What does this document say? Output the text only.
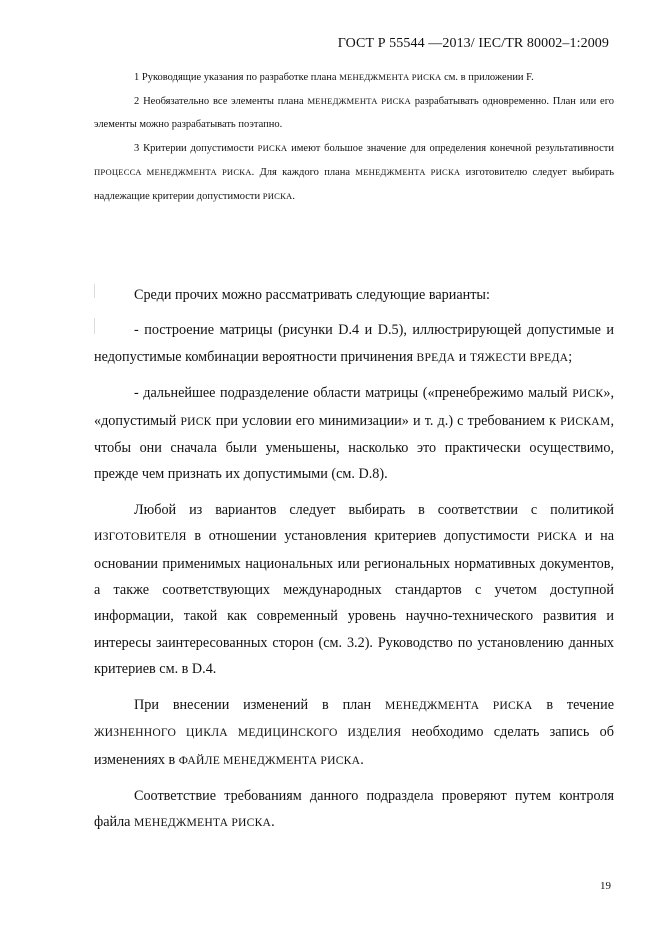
ГОСТ Р 55544 —2013/ IEC/TR 80002–1:2009

1 Руководящие указания по разработке плана МЕНЕДЖМЕНТА РИСКА см. в приложении F.

2 Необязательно все элементы плана МЕНЕДЖМЕНТА РИСКА разрабатывать одновременно. План или его элементы можно разрабатывать поэтапно.

3 Критерии допустимости РИСКА имеют большое значение для определения конечной результативности ПРОЦЕССА МЕНЕДЖМЕНТА РИСКА. Для каждого плана МЕНЕДЖМЕНТА РИСКА изготовителю следует выбирать надлежащие критерии допустимости РИСКА.

Среди прочих можно рассматривать следующие варианты:

- построение матрицы (рисунки D.4 и D.5), иллюстрирующей допустимые и недопустимые комбинации вероятности причинения ВРЕДА и ТЯЖЕСТИ ВРЕДА;

- дальнейшее подразделение области матрицы («пренебрежимо малый РИСК», «допустимый РИСК при условии его минимизации» и т. д.) с требованием к РИСКАМ, чтобы они сначала были уменьшены, насколько это практически осуществимо, прежде чем признать их допустимыми (см. D.8).

Любой из вариантов следует выбирать в соответствии с политикой ИЗГОТОВИТЕЛЯ в отношении установления критериев допустимости РИСКА и на основании применимых национальных или региональных нормативных документов, а также соответствующих международных стандартов с учетом доступной информации, такой как современный уровень научно-технического развития и интересы заинтересованных сторон (см. 3.2). Руководство по установлению данных критериев см. в D.4.

При внесении изменений в план МЕНЕДЖМЕНТА РИСКА в течение ЖИЗНЕННОГО ЦИКЛА МЕДИЦИНСКОГО ИЗДЕЛИЯ необходимо сделать запись об изменениях в ФАЙЛЕ МЕНЕДЖМЕНТА РИСКА.

Соответствие требованиям данного подраздела проверяют путем контроля файла МЕНЕДЖМЕНТА РИСКА.

19
